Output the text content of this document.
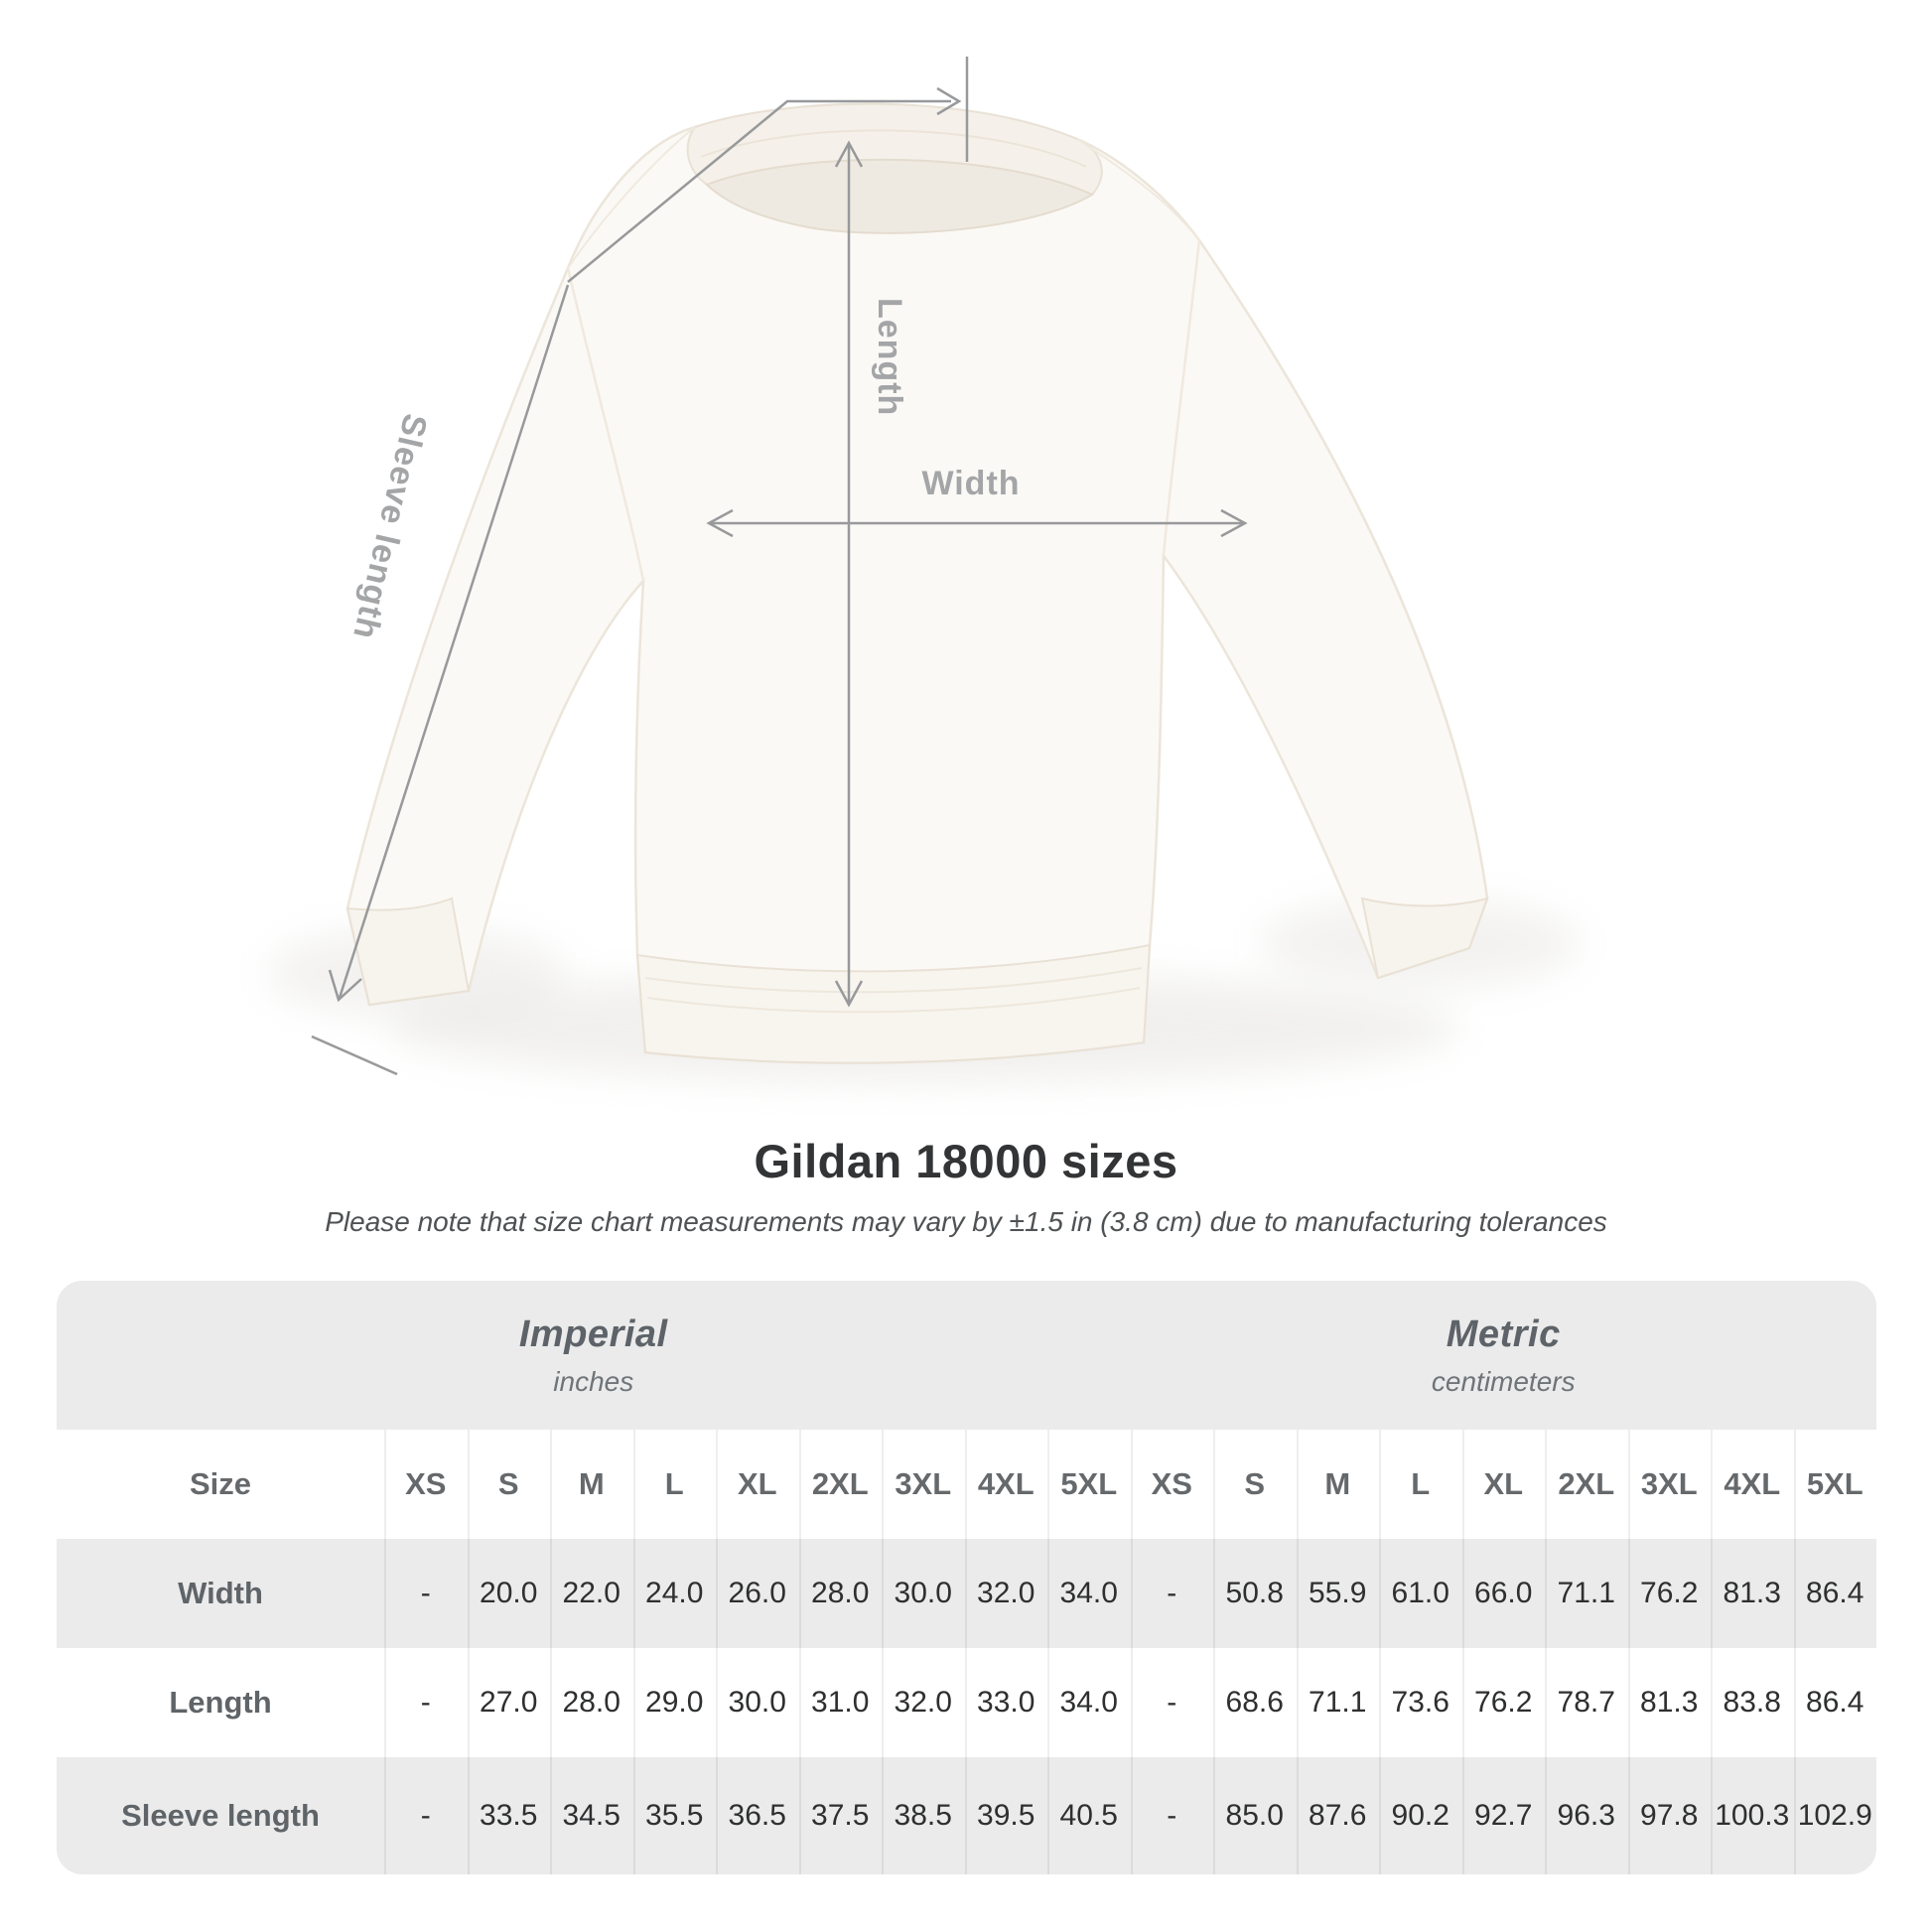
Length
Width
Sleeve length
Gildan 18000 sizes

Please note that size chart measurements may vary by ±1.5 in (3.8 cm) due to manufacturing tolerances

Imperial
inches
Metric
centimeters
Size	XS	S	M	L	XL	2XL 3XL 4XL 5XL	XS	S	M	L	XL	2XL 3XL 4XL 5XL
Width	-	20.0 22.0 24.0 26.0 28.0 30.0 32.0 34.0	-	50.8 55.9 61.0 66.0 71.1 76.2 81.3 86.4
Length	-	27.0 28.0 29.0 30.0 31.0 32.0 33.0 34.0	-	68.6 71.1 73.6 76.2 78.7 81.3 83.8 86.4
Sleeve length	-	33.5 34.5 35.5 36.5 37.5 38.5 39.5 40.5	-	85.0 87.6 90.2 92.7 96.3 97.8 100.3 102.9
